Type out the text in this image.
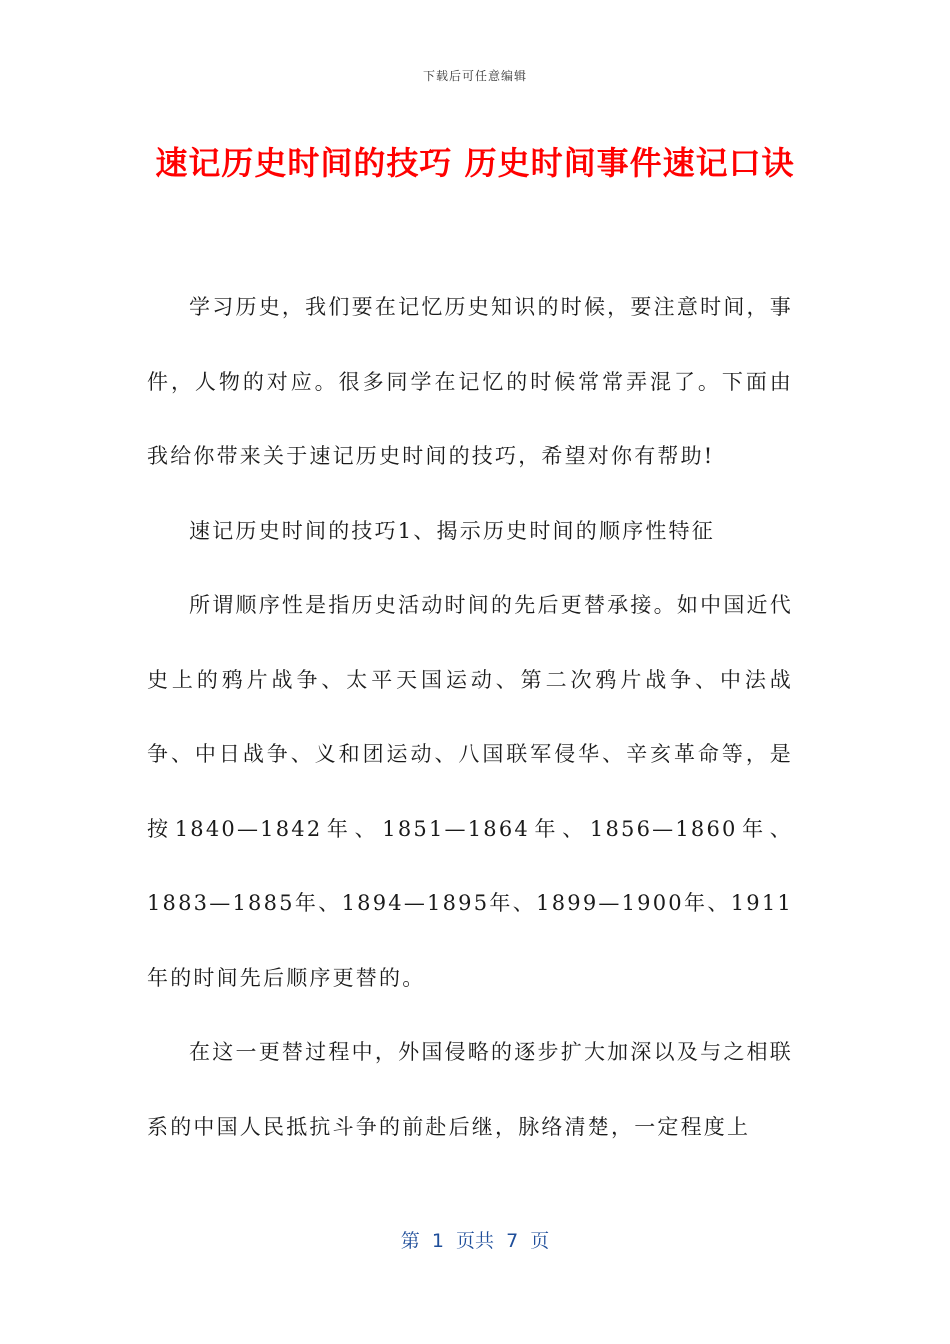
下载后可任意编辑
速记历史时间的技巧 历史时间事件速记口诀

学习历史，我们要在记忆历史知识的时候，要注意时间，事件，人物的对应。很多同学在记忆的时候常常弄混了。下面由我给你带来关于速记历史时间的技巧，希望对你有帮助!

速记历史时间的技巧1、揭示历史时间的顺序性特征

所谓顺序性是指历史活动时间的先后更替承接。如中国近代史上的鸦片战争、太平天国运动、第二次鸦片战争、中法战争、中日战争、义和团运动、八国联军侵华、辛亥革命等，是按1840—1842年、1851—1864年、1856—1860年、1883—1885年、1894—1895年、1899—1900年、1911年的时间先后顺序更替的。

在这一更替过程中，外国侵略的逐步扩大加深以及与之相联系的中国人民抵抗斗争的前赴后继，脉络清楚，一定程度上

第  1  页共  7  页
